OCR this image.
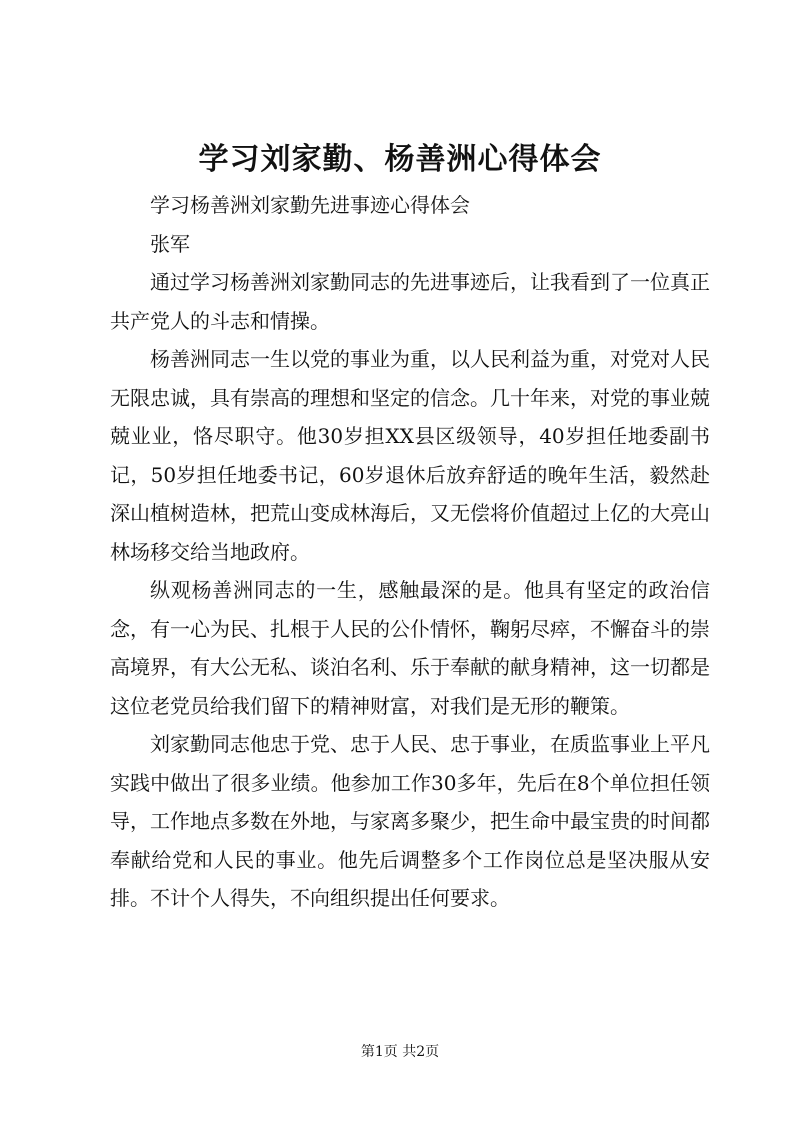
学习刘家勤、杨善洲心得体会

学习杨善洲刘家勤先进事迹心得体会

张军

通过学习杨善洲刘家勤同志的先进事迹后，让我看到了一位真正共产党人的斗志和情操。

杨善洲同志一生以党的事业为重，以人民利益为重，对党对人民无限忠诚，具有崇高的理想和坚定的信念。几十年来，对党的事业兢兢业业，恪尽职守。他30岁担XX县区级领导，40岁担任地委副书记，50岁担任地委书记，60岁退休后放弃舒适的晚年生活，毅然赴深山植树造林，把荒山变成林海后，又无偿将价值超过上亿的大亮山林场移交给当地政府。

纵观杨善洲同志的一生，感触最深的是。他具有坚定的政治信念，有一心为民、扎根于人民的公仆情怀，鞠躬尽瘁，不懈奋斗的崇高境界，有大公无私、谈泊名利、乐于奉献的献身精神，这一切都是这位老党员给我们留下的精神财富，对我们是无形的鞭策。

刘家勤同志他忠于党、忠于人民、忠于事业，在质监事业上平凡实践中做出了很多业绩。他参加工作30多年，先后在8个单位担任领导，工作地点多数在外地，与家离多聚少，把生命中最宝贵的时间都奉献给党和人民的事业。他先后调整多个工作岗位总是坚决服从安排。不计个人得失，不向组织提出任何要求。

第1页 共2页
